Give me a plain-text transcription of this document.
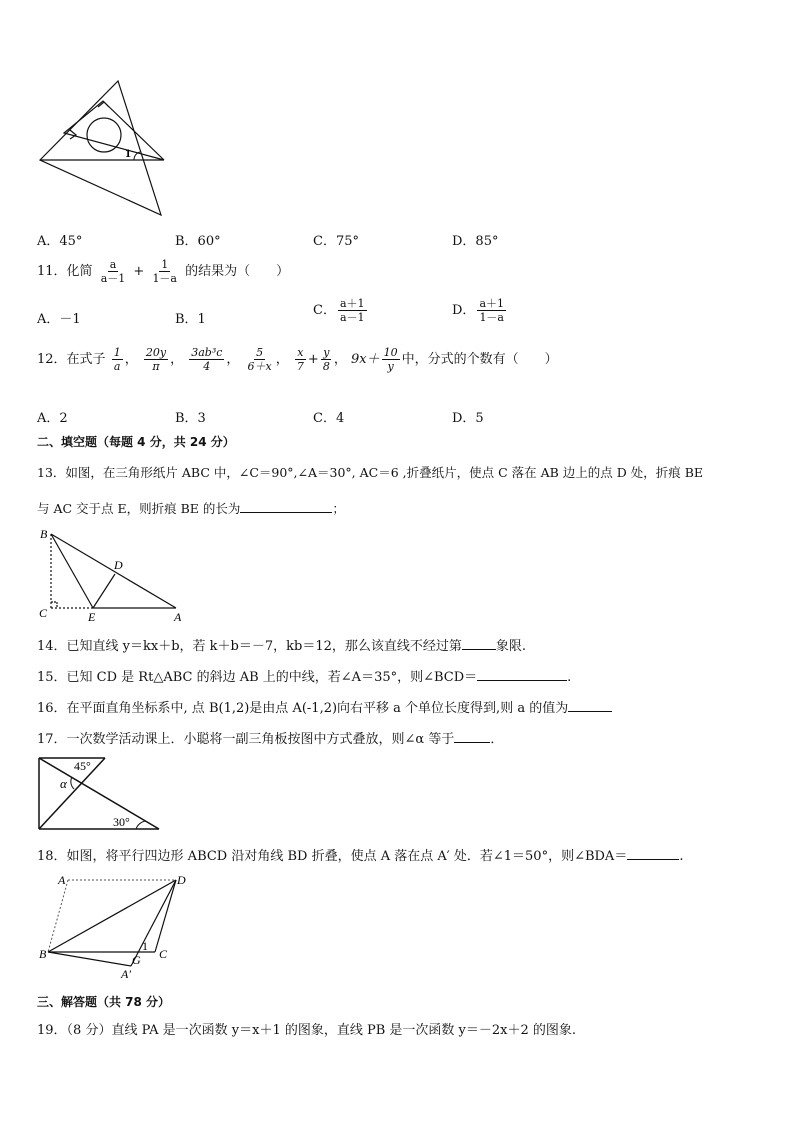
1
A．45°	B．60°	C．75°	D．85°
11．化简 $\frac{a}{a-1} + \frac{1}{1-a}$ 的结果为（　　）
A．－1	B．1
C． $\frac{a+1}{a-1}$	D． $\frac{a+1}{1-a}$
12．在式子 $\frac{1}{a}$ ， $\frac{20y}{\pi}$ ， $\frac{\text{3ab³c}}{4}$ ， $\frac{5}{6+x}$ ， $\frac{x}{7} + \frac{y}{8}$ ， $9x+ \frac{10}{y}$ 中，分式的个数有（　　）
A．2	B．3	C．4	D．5
二、填空题（每题 4 分，共 24 分）
13．如图，在三角形纸片 ABC 中，∠C＝90°,∠A＝30°, AC＝6 ,折叠纸片，使点 C 落在 AB 边上的点 D 处，折痕 BE
与 AC 交于点 E，则折痕 BE 的长为	；
B
D
C	E	A
14．已知直线 y＝kx＋b，若 k＋b＝－7，kb＝12，那么该直线不经过第	象限.
15．已知 CD 是 Rt△ABC 的斜边 AB 上的中线，若∠A＝35°，则∠BCD＝	.
16．在平面直角坐标系中, 点 B(1,2)是由点 A(-1,2)向右平移 a 个单位长度得到,则 a 的值为
17．一次数学活动课上．小聪将一副三角板按图中方式叠放，则∠α 等于	．
45°
α
30°
18．如图，将平行四边形 ABCD 沿对角线 BD 折叠，使点 A 落在点 A′ 处．若∠1＝50°，则∠BDA＝	.
A	D
B	C
G
A′
1
三、解答题（共 78 分）
19．（8 分）直线 PA 是一次函数 y＝x＋1 的图象，直线 PB 是一次函数 y＝－2x＋2 的图象.
